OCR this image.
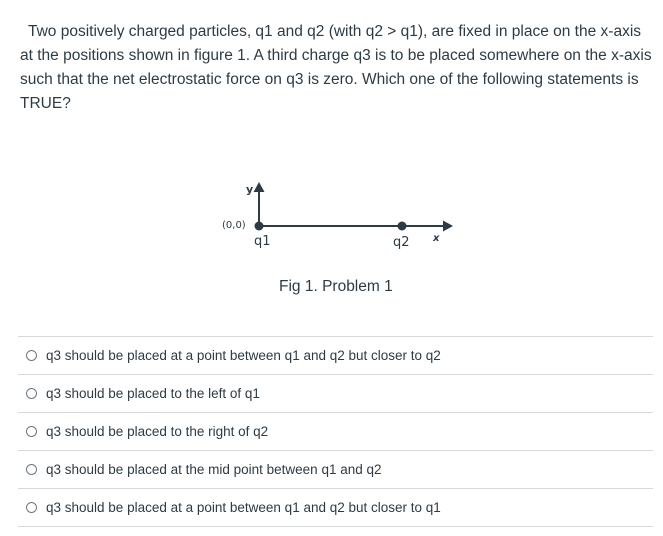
Two positively charged particles, q1 and q2 (with q2 > q1), are fixed in place on the x-axis at the positions shown in figure 1. A third charge q3 is to be placed somewhere on the x-axis such that the net electrostatic force on q3 is zero. Which one of the following statements is TRUE?
y
x
(0,0)
q1	q2
Fig 1. Problem 1
q3 should be placed at a point between q1 and q2 but closer to q2
q3 should be placed to the left of q1
q3 should be placed to the right of q2
q3 should be placed at the mid point between q1 and q2
q3 should be placed at a point between q1 and q2 but closer to q1
